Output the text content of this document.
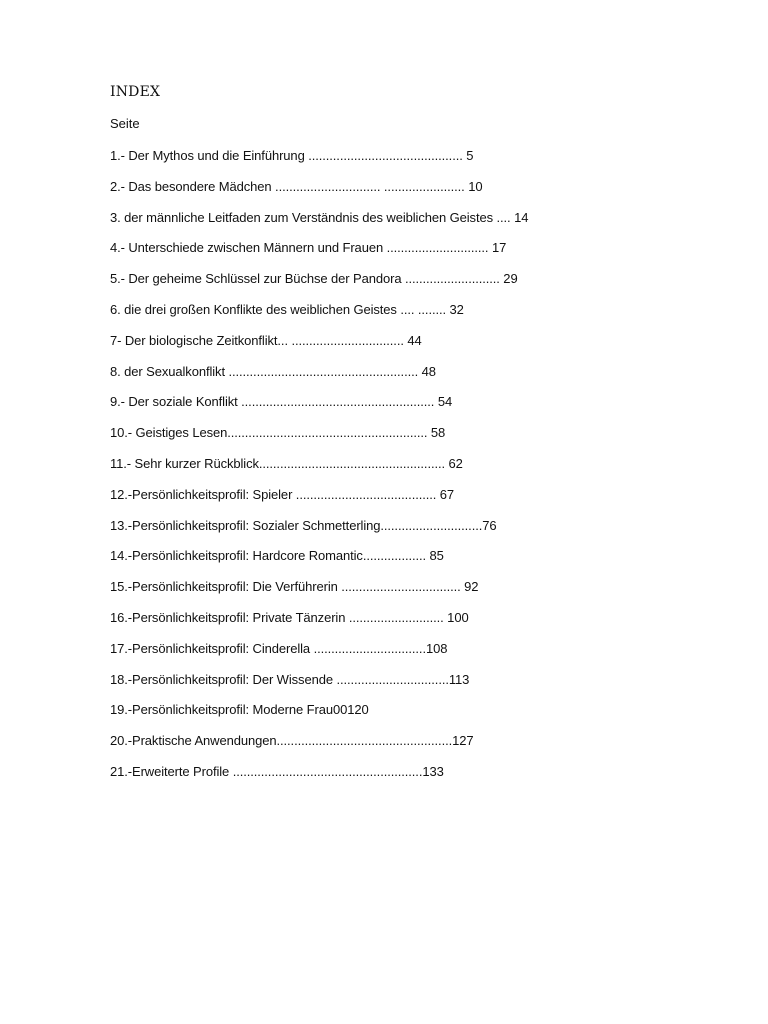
INDEX
Seite
1.- Der Mythos und die Einführung ............................................ 5
2.- Das besondere Mädchen .............................. ....................... 10
3. der männliche Leitfaden zum Verständnis des weiblichen Geistes .... 14
4.- Unterschiede zwischen Männern und Frauen ............................. 17
5.- Der geheime Schlüssel zur Büchse der Pandora ........................... 29
6. die drei großen Konflikte des weiblichen Geistes .... ........ 32
7- Der biologische Zeitkonflikt... ................................ 44
8. der Sexualkonflikt ...................................................... 48
9.- Der soziale Konflikt ....................................................... 54
10.- Geistiges Lesen......................................................... 58
11.- Sehr kurzer Rückblick..................................................... 62
12.-Persönlichkeitsprofil: Spieler ........................................ 67
13.-Persönlichkeitsprofil: Sozialer Schmetterling.............................76
14.-Persönlichkeitsprofil: Hardcore Romantic.................. 85
15.-Persönlichkeitsprofil: Die Verführerin .................................. 92
16.-Persönlichkeitsprofil: Private Tänzerin ........................... 100
17.-Persönlichkeitsprofil: Cinderella ................................108
18.-Persönlichkeitsprofil: Der Wissende ................................113
19.-Persönlichkeitsprofil: Moderne Frau00120
20.-Praktische Anwendungen..................................................127
21.-Erweiterte Profile ......................................................133
